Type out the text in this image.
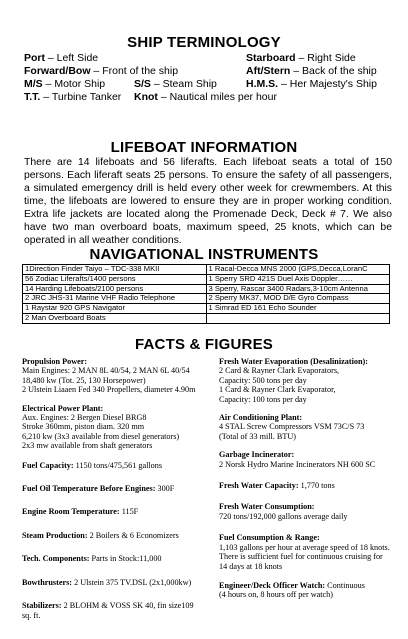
SHIP TERMINOLOGY
Port – Left Side	Starboard – Right Side
Forward/Bow – Front of the ship	Aft/Stern – Back of the ship
M/S – Motor Ship	S/S – Steam Ship	H.M.S. – Her Majesty's Ship
T.T. – Turbine Tanker Knot – Nautical miles per hour
LIFEBOAT INFORMATION

There are 14 lifeboats and 56 liferafts. Each lifeboat seats a total of 150 persons. Each liferaft seats 25 persons. To ensure the safety of all passengers, a simulated emergency drill is held every other week for crewmembers. At this time, the lifeboats are lowered to ensure they are in proper working condition. Extra life jackets are located along the Promenade Deck, Deck # 7. We also have two man overboard boats, maximum speed, 25 knots, which can be operated in all weather conditions.

NAVIGATIONAL INSTRUMENTS
1Direction Finder Taiyo – TDC-338 MKII	1 Racal-Decca MNS 2000 (GPS,Decca,LoranC
56 Zodiac Liferafts/1400 persons	1 Sperry SRD 421S Duel Axis Doppler……
14 Harding Lifeboats/2100 persons	3 Sperry, Rascar 3400 Radars,3-10cm Antenna
2 JRC JHS-31 Marine VHF Radio Telephone	2 Sperry MK37, MOD D/E Gyro Compass
1 Raystar 920 GPS Navigator	1 Simrad ED 161 Echo Sounder
2 Man Overboard Boats	
FACTS & FIGURES

Propulsion Power:
Main Engines: 2 MAN 8L 40/54, 2 MAN 6L 40/54
18,480 kw (Tot. 25, 130 Horsepower)
2 Ulstein Liaaen Fed 340 Propellers, diameter 4.90m

Electrical Power Plant:
Aux. Engines: 2 Bergen Diesel BRG8
Stroke 360mm, piston diam. 320 mm
6,210 kw (3x3 available from diesel generators)
2x3 mw available from shaft generators

Fuel Capacity: 1150 tons/475,561 gallons

Fuel Oil Temperature Before Engines: 300F

Engine Room Temperature: 115F

Steam Production: 2 Boilers & 6 Economizers

Tech. Components: Parts in Stock:11,000

Bowthrusters: 2 Ulstein 375 TV.DSL (2x1,000kw)

Stabilizers: 2 BLOHM & VOSS SK 40, fin size109
sq. ft.

Fresh Water Evaporation (Desalinization):
2 Card & Rayner Clark Evaporators,
Capacity: 500 tons per day
1 Card & Rayner Clark Evaporator,
Capacity: 100 tons per day

Air Conditioning Plant:
4 STAL Screw Compressors VSM 73C/S 73
(Total of 33 mill. BTU)

Garbage Incinerator:
2 Norsk Hydro Marine Incinerators NH 600 SC

Fresh Water Capacity: 1,770 tons

Fresh Water Consumption:
720 tons/192,000 gallons average daily

Fuel Consumption & Range:
1,103 gallons per hour at average speed of 18 knots.
There is sufficient fuel for continuous cruising for
14 days at 18 knots

Engineer/Deck Officer Watch: Continuous
(4 hours on, 8 hours off per watch)
